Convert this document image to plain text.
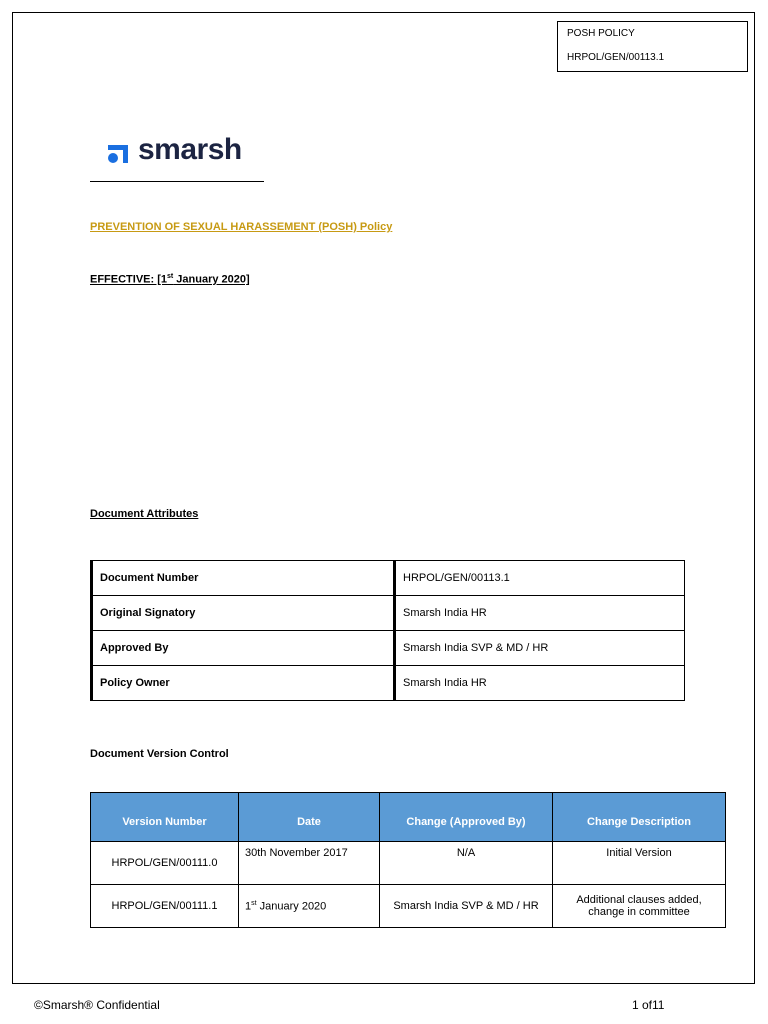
POSH POLICY
HRPOL/GEN/00113.1
smarsh
PREVENTION OF SEXUAL HARASSEMENT (POSH) Policy
EFFECTIVE: [1st January 2020]
Document Attributes
Document Number	HRPOL/GEN/00113.1
Original Signatory	Smarsh India HR
Approved By	Smarsh India SVP & MD / HR
Policy Owner	Smarsh India HR
Document Version Control
Version Number	Date	Change (Approved By)	Change Description
HRPOL/GEN/00111.0	30th November 2017	N/A	Initial Version
HRPOL/GEN/00111.1	1st January 2020	Smarsh India SVP & MD / HR	Additional clauses added, change in committee
©Smarsh® Confidential	1 of11
